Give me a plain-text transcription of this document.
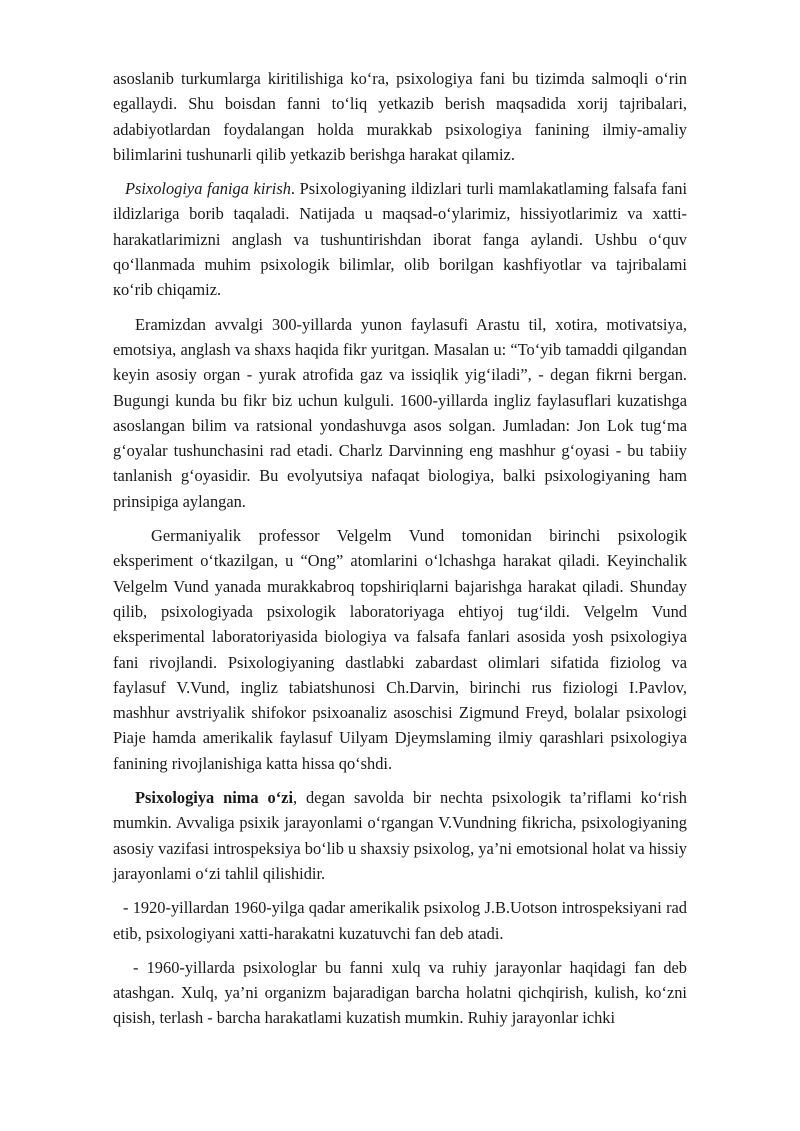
asoslanib turkumlarga kiritilishiga ko‘ra, psixologiya fani bu tizimda salmoqli o‘rin egallaydi. Shu boisdan fanni to‘liq yetkazib berish maqsadida xorij tajribalari, adabiyotlardan foydalangan holda murakkab psixologiya fanining ilmiy-amaliy bilimlarini tushunarli qilib yetkazib berishga harakat qilamiz.

Psixologiya faniga kirish. Psixologiyaning ildizlari turli mamlakatlaming falsafa fani ildizlariga borib taqaladi. Natijada u maqsad-o‘ylarimiz, hissiyotlarimiz va xatti-harakatlarimizni anglash va tushuntirishdan iborat fanga aylandi. Ushbu o‘quv qo‘llanmada muhim psixologik bilimlar, olib borilgan kashfiyotlar va tajribalami кo‘rib chiqamiz.

Eramizdan avvalgi 300-yillarda yunon faylasufi Arastu til, xotira, motivatsiya, emotsiya, anglash va shaxs haqida fikr yuritgan. Masalan u: “To‘yib tamaddi qilgandan keyin asosiy organ - yurak atrofida gaz va issiqlik yig‘iladi”, - degan fikrni bergan. Bugungi kunda bu fikr biz uchun kulguli. 1600-yillarda ingliz faylasuflari kuzatishga asoslangan bilim va ratsional yondashuvga asos solgan. Jumladan: Jon Lok tug‘ma g‘oyalar tushunchasini rad etadi. Charlz Darvinning eng mashhur g‘oyasi - bu tabiiy tanlanish g‘oyasidir. Bu evolyutsiya nafaqat biologiya, balki psixologiyaning ham prinsipiga aylangan.

Germaniyalik professor Velgelm Vund tomonidan birinchi psixologik eksperiment o‘tkazilgan, u “Ong” atomlarini o‘lchashga harakat qiladi. Keyinchalik Velgelm Vund yanada murakkabroq topshiriqlarni bajarishga harakat qiladi. Shunday qilib, psixologiyada psixologik laboratoriyaga ehtiyoj tug‘ildi. Velgelm Vund eksperimental laboratoriyasida biologiya va falsafa fanlari asosida yosh psixologiya fani rivojlandi. Psixologiyaning dastlabki zabardast olimlari sifatida fiziolog va faylasuf V.Vund, ingliz tabiatshunosi Ch.Darvin, birinchi rus fiziologi I.Pavlov, mashhur avstriyalik shifokor psixoanaliz asoschisi Zigmund Freyd, bolalar psixologi Piaje hamda amerikalik faylasuf Uilyam Djeymslaming ilmiy qarashlari psixologiya fanining rivojlanishiga katta hissa qo‘shdi.

Psixologiya nima o‘zi, degan savolda bir nechta psixologik ta’riflami ko‘rish mumkin. Avvaliga psixik jarayonlami o‘rgangan V.Vundning fikricha, psixologiyaning asosiy vazifasi introspeksiya bo‘lib u shaxsiy psixolog, ya’ni emotsional holat va hissiy jarayonlami o‘zi tahlil qilishidir.

- 1920-yillardan 1960-yilga qadar amerikalik psixolog J.B.Uotson introspeksiyani rad etib, psixologiyani xatti-harakatni kuzatuvchi fan deb atadi.

- 1960-yillarda psixologlar bu fanni xulq va ruhiy jarayonlar haqidagi fan deb atashgan. Xulq, ya’ni organizm bajaradigan barcha holatni qichqirish, kulish, ko‘zni qisish, terlash - barcha harakatlami kuzatish mumkin. Ruhiy jarayonlar ichki
